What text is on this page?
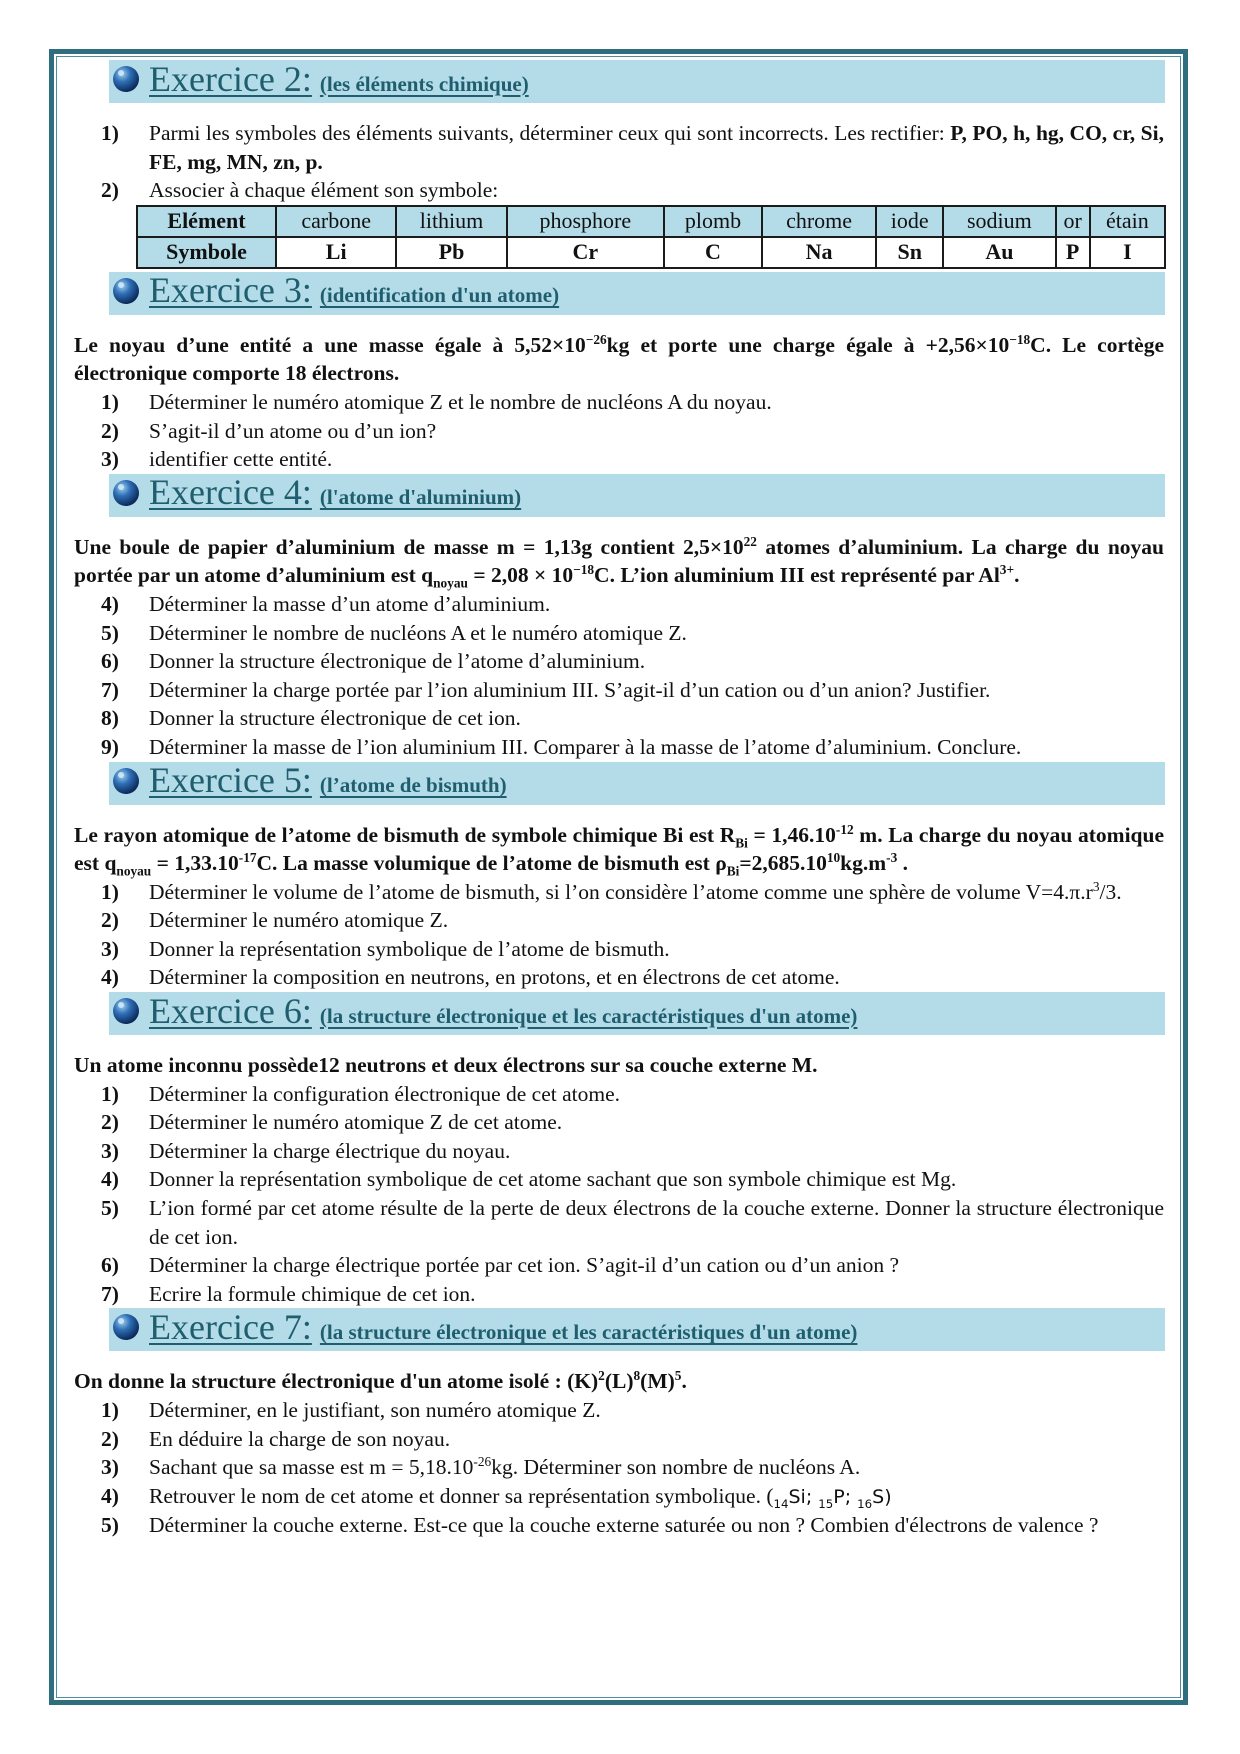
Exercice 2: (les éléments chimique)
1) Parmi les symboles des éléments suivants, déterminer ceux qui sont incorrects. Les rectifier: P, PO, h, hg, CO, cr, Si, FE, mg, MN, zn, p.
2) Associer à chaque élément son symbole:
Elément	carbone	lithium	phosphore	plomb	chrome	iode	sodium	or	étain
Symbole	Li	Pb	Cr	C	Na	Sn	Au	P	I
Exercice 3: (identification d'un atome)
Le noyau d’une entité a une masse égale à $5,52\times 10^{-26}kg$ et porte une charge égale à $+2,56\times 10^{-18}C$. Le cortège électronique comporte 18 électrons.
1) Déterminer le numéro atomique Z et le nombre de nucléons A du noyau.
2) S’agit-il d’un atome ou d’un ion?
3) identifier cette entité.
Exercice 4: (l'atome d'aluminium)
Une boule de papier d’aluminium de masse m = 1,13g contient $2,5\times 10^{22}$ atomes d’aluminium. La charge du noyau portée par un atome d’aluminium est $q_{noyau} = 2,08 \times 10^{-18}C$. L’ion aluminium III est représenté par $Al^{3+}$.
4) Déterminer la masse d’un atome d’aluminium.
5) Déterminer le nombre de nucléons A et le numéro atomique Z.
6) Donner la structure électronique de l’atome d’aluminium.
7) Déterminer la charge portée par l’ion aluminium III. S’agit-il d’un cation ou d’un anion? Justifier.
8) Donner la structure électronique de cet ion.
9) Déterminer la masse de l’ion aluminium III. Comparer à la masse de l’atome d’aluminium. Conclure.
Exercice 5: (l’atome de bismuth)
Le rayon atomique de l’atome de bismuth de symbole chimique Bi est $R_{Bi} = 1,46.10^{-12}$ m. La charge du noyau atomique est $q_{noyau} = 1,33.10^{-17}C$. La masse volumique de l’atome de bismuth est $\rho_{Bi}=2,685.10^{10}kg.m^{-3}$ .
1) Déterminer le volume de l’atome de bismuth, si l’on considère l’atome comme une sphère de volume $V=4.\pi.r^3/3$.
2) Déterminer le numéro atomique Z.
3) Donner la représentation symbolique de l’atome de bismuth.
4) Déterminer la composition en neutrons, en protons, et en électrons de cet atome.
Exercice 6: (la structure électronique et les caractéristiques d'un atome)
Un atome inconnu possède12 neutrons et deux électrons sur sa couche externe M.
1) Déterminer la configuration électronique de cet atome.
2) Déterminer le numéro atomique Z de cet atome.
3) Déterminer la charge électrique du noyau.
4) Donner la représentation symbolique de cet atome sachant que son symbole chimique est Mg.
5) L’ion formé par cet atome résulte de la perte de deux électrons de la couche externe. Donner la structure électronique de cet ion.
6) Déterminer la charge électrique portée par cet ion. S’agit-il d’un cation ou d’un anion ?
7) Ecrire la formule chimique de cet ion.
Exercice 7: (la structure électronique et les caractéristiques d'un atome)
On donne la structure électronique d'un atome isolé : $(K)^2(L)^8(M)^5$.
1) Déterminer, en le justifiant, son numéro atomique Z.
2) En déduire la charge de son noyau.
3) Sachant que sa masse est $m = 5,18.10^{-26}kg$. Déterminer son nombre de nucléons A.
4) Retrouver le nom de cet atome et donner sa représentation symbolique. ($_{14}Si$; $_{15}$P; $_{16}$S)
5) Déterminer la couche externe. Est-ce que la couche externe saturée ou non ? Combien d'électrons de valence ?
